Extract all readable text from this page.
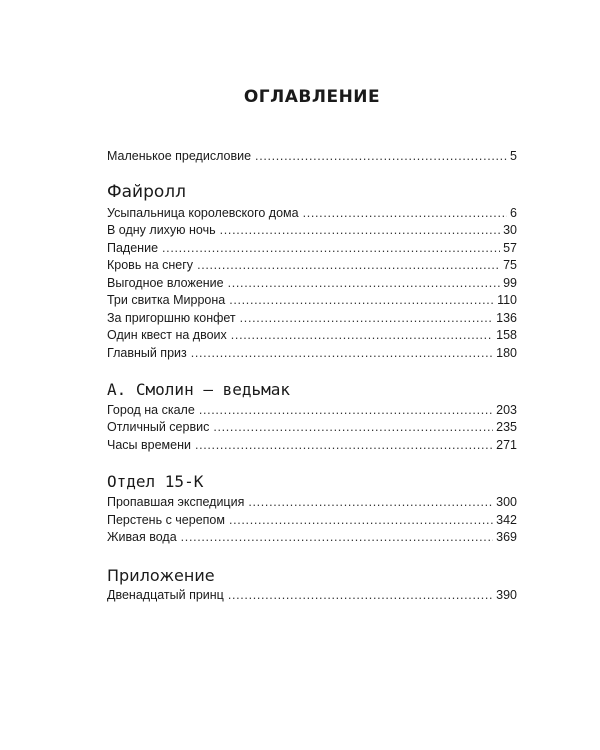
ОГЛАВЛЕНИЕ
Маленькое предисловие . . .	5
Файролл
Усыпальница королевского дома . . .	6
В одну лихую ночь . . .	30
Падение . . .	57
Кровь на снегу . . .	75
Выгодное вложение . . .	99
Три свитка Миррона . . .	110
За пригоршню конфет . . .	136
Один квест на двоих . . .	158
Главный приз . . .	180
А. Смолин – ведьмак
Город на скале . . .	203
Отличный сервис . . .	235
Часы времени . . .	271
Отдел 15-К
Пропавшая экспедиция . . .	300
Перстень с черепом . . .	342
Живая вода . . .	369
Приложение
Двенадцатый принц . . .	390
